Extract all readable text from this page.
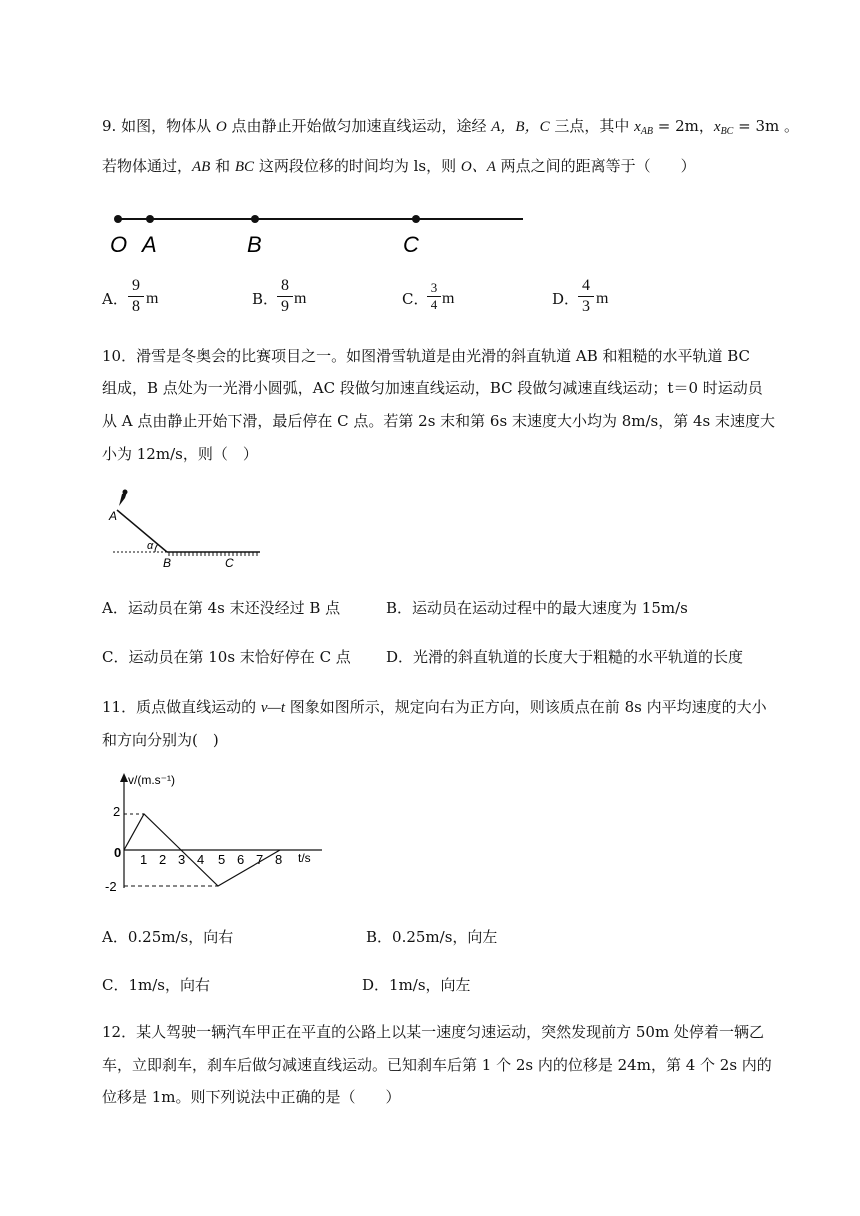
9. 如图，物体从 O 点由静止开始做匀加速直线运动，途经 A，B，C 三点，其中 $x_{AB} = 2m$，$x_{BC} = 3m$ 。
若物体通过，AB 和 BC 这两段位移的时间均为 ls，则 O、A 两点之间的距离等于（　　）
O A	B	C
A．
9
8 m	B．
8
9 m	C．
3
4 m	D．
4
3 m
10．滑雪是冬奥会的比赛项目之一。如图滑雪轨道是由光滑的斜直轨道 AB 和粗糙的水平轨道 BC
组成，B 点处为一光滑小圆弧，AC 段做匀加速直线运动，BC 段做匀减速直线运动；t＝0 时运动员
从 A 点由静止开始下滑，最后停在 C 点。若第 2s 末和第 6s 末速度大小均为 8m/s，第 4s 末速度大
小为 12m/s，则（　）
A
α
B	C
A．运动员在第 4s 末还没经过 B 点	B．运动员在运动过程中的最大速度为 15m/s
C．运动员在第 10s 末恰好停在 C 点 D．光滑的斜直轨道的长度大于粗糙的水平轨道的长度
11．质点做直线运动的 v—t 图象如图所示，规定向右为正方向，则该质点在前 8s 内平均速度的大小
和方向分别为(　)
v/(m.s⁻¹)
t/s
0
2
-2
1 2 3 4 5 6 7 8
A．0.25m/s，向右	B．0.25m/s，向左
C．1m/s，向右	D．1m/s，向左
12．某人驾驶一辆汽车甲正在平直的公路上以某一速度匀速运动，突然发现前方 50m 处停着一辆乙
车，立即刹车，刹车后做匀减速直线运动。已知刹车后第 1 个 2s 内的位移是 24m，第 4 个 2s 内的
位移是 1m。则下列说法中正确的是（　　）
